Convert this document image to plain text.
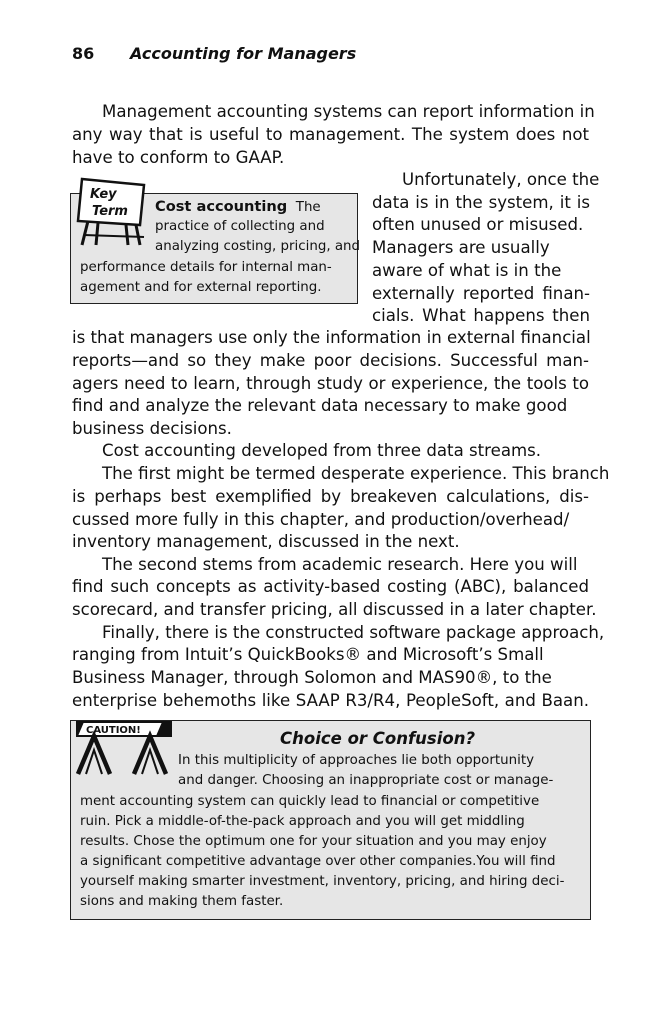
86 Accounting for Managers
Management accounting systems can report information in
any way that is useful to management. The system does not
have to conform to GAAP.
Unfortunately, once the
data is in the system, it is
often unused or misused.
Managers are usually
aware of what is in the
externally reported finan-
cials. What happens then
is that managers use only the information in external financial
reports—and so they make poor decisions. Successful man-
agers need to learn, through study or experience, the tools to
find and analyze the relevant data necessary to make good
business decisions.
Cost accounting developed from three data streams.
The first might be termed desperate experience. This branch
is perhaps best exemplified by breakeven calculations, dis-
cussed more fully in this chapter, and production/overhead/
inventory management, discussed in the next.
The second stems from academic research. Here you will
find such concepts as activity-based costing (ABC), balanced
scorecard, and transfer pricing, all discussed in a later chapter.
Finally, there is the constructed software package approach,
ranging from Intuit’s QuickBooks® and Microsoft’s Small
Business Manager, through Solomon and MAS90®, to the
enterprise behemoths like SAAP R3/R4, PeopleSoft, and Baan.
Key
Term Cost accounting The
practice of collecting and
analyzing costing, pricing, and
performance details for internal man-
agement and for external reporting.
CAUTION!	Choice or Confusion?
In this multiplicity of approaches lie both opportunity
and danger. Choosing an inappropriate cost or manage-
ment accounting system can quickly lead to financial or competitive
ruin. Pick a middle-of-the-pack approach and you will get middling
results. Chose the optimum one for your situation and you may enjoy
a significant competitive advantage over other companies.You will find
yourself making smarter investment, inventory, pricing, and hiring deci-
sions and making them faster.
